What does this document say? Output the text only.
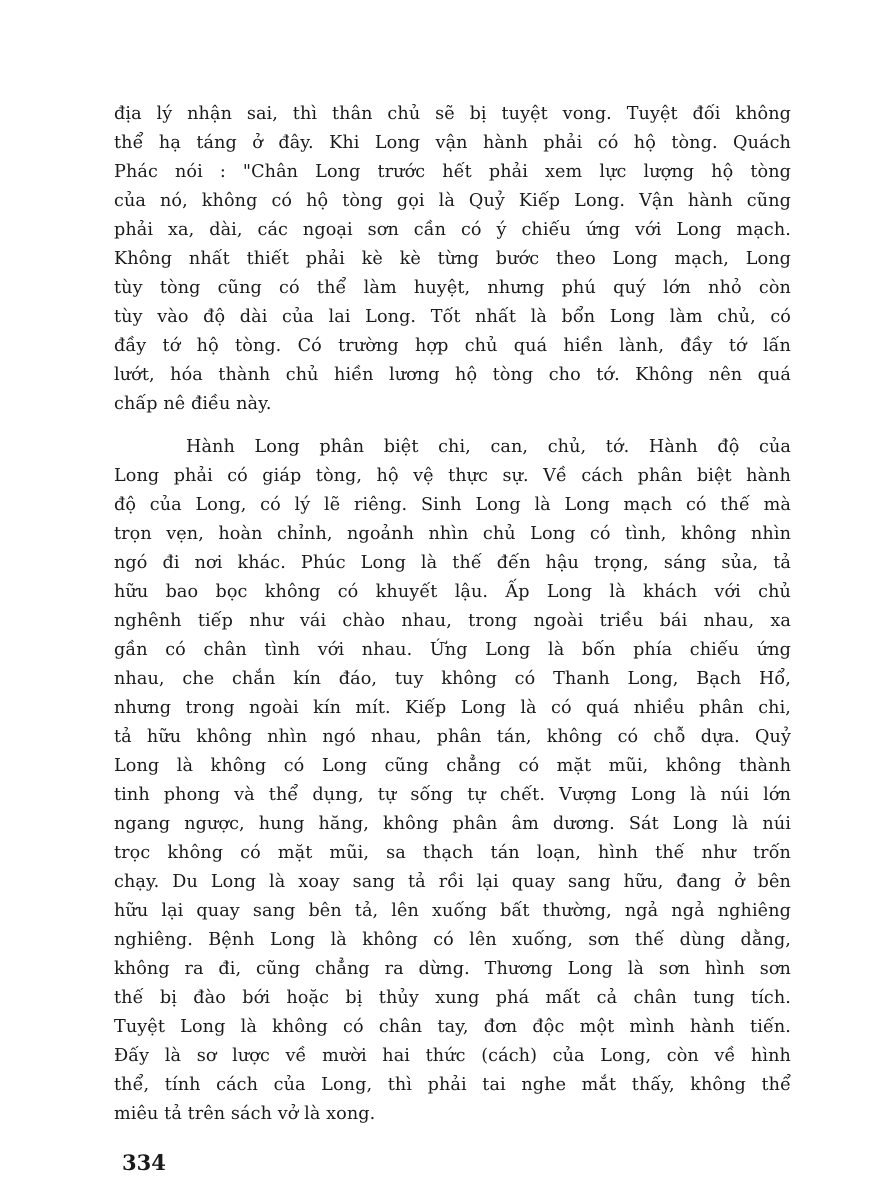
địa lý nhận sai, thì thân chủ sẽ bị tuyệt vong. Tuyệt đối không
thể hạ táng ở đây. Khi Long vận hành phải có hộ tòng. Quách
Phác nói : "Chân Long trước hết phải xem lực lượng hộ tòng
của nó, không có hộ tòng gọi là Quỷ Kiếp Long. Vận hành cũng
phải xa, dài, các ngoại sơn cần có ý chiếu ứng với Long mạch.
Không nhất thiết phải kè kè từng bước theo Long mạch, Long
tùy tòng cũng có thể làm huyệt, nhưng phú quý lớn nhỏ còn
tùy vào độ dài của lai Long. Tốt nhất là bổn Long làm chủ, có
đầy tớ hộ tòng. Có trường hợp chủ quá hiền lành, đầy tớ lấn
lướt, hóa thành chủ hiền lương hộ tòng cho tớ. Không nên quá
chấp nê điều này.
Hành Long phân biệt chi, can, chủ, tớ. Hành độ của
Long phải có giáp tòng, hộ vệ thực sự. Về cách phân biệt hành
độ của Long, có lý lẽ riêng. Sinh Long là Long mạch có thế mà
trọn vẹn, hoàn chỉnh, ngoảnh nhìn chủ Long có tình, không nhìn
ngó đi nơi khác. Phúc Long là thế đến hậu trọng, sáng sủa, tả
hữu bao bọc không có khuyết lậu. Ấp Long là khách với chủ
nghênh tiếp như vái chào nhau, trong ngoài triều bái nhau, xa
gần có chân tình với nhau. Ứng Long là bốn phía chiếu ứng
nhau, che chắn kín đáo, tuy không có Thanh Long, Bạch Hổ,
nhưng trong ngoài kín mít. Kiếp Long là có quá nhiều phân chi,
tả hữu không nhìn ngó nhau, phân tán, không có chỗ dựa. Quỷ
Long là không có Long cũng chẳng có mặt mũi, không thành
tinh phong và thể dụng, tự sống tự chết. Vượng Long là núi lớn
ngang ngược, hung hăng, không phân âm dương. Sát Long là núi
trọc không có mặt mũi, sa thạch tán loạn, hình thế như trốn
chạy. Du Long là xoay sang tả rồi lại quay sang hữu, đang ở bên
hữu lại quay sang bên tả, lên xuống bất thường, ngả ngả nghiêng
nghiêng. Bệnh Long là không có lên xuống, sơn thế dùng dằng,
không ra đi, cũng chẳng ra dừng. Thương Long là sơn hình sơn
thế bị đào bới hoặc bị thủy xung phá mất cả chân tung tích.
Tuyệt Long là không có chân tay, đơn độc một mình hành tiến.
Đấy là sơ lược về mười hai thức (cách) của Long, còn về hình
thể, tính cách của Long, thì phải tai nghe mắt thấy, không thể
miêu tả trên sách vở là xong.
334
